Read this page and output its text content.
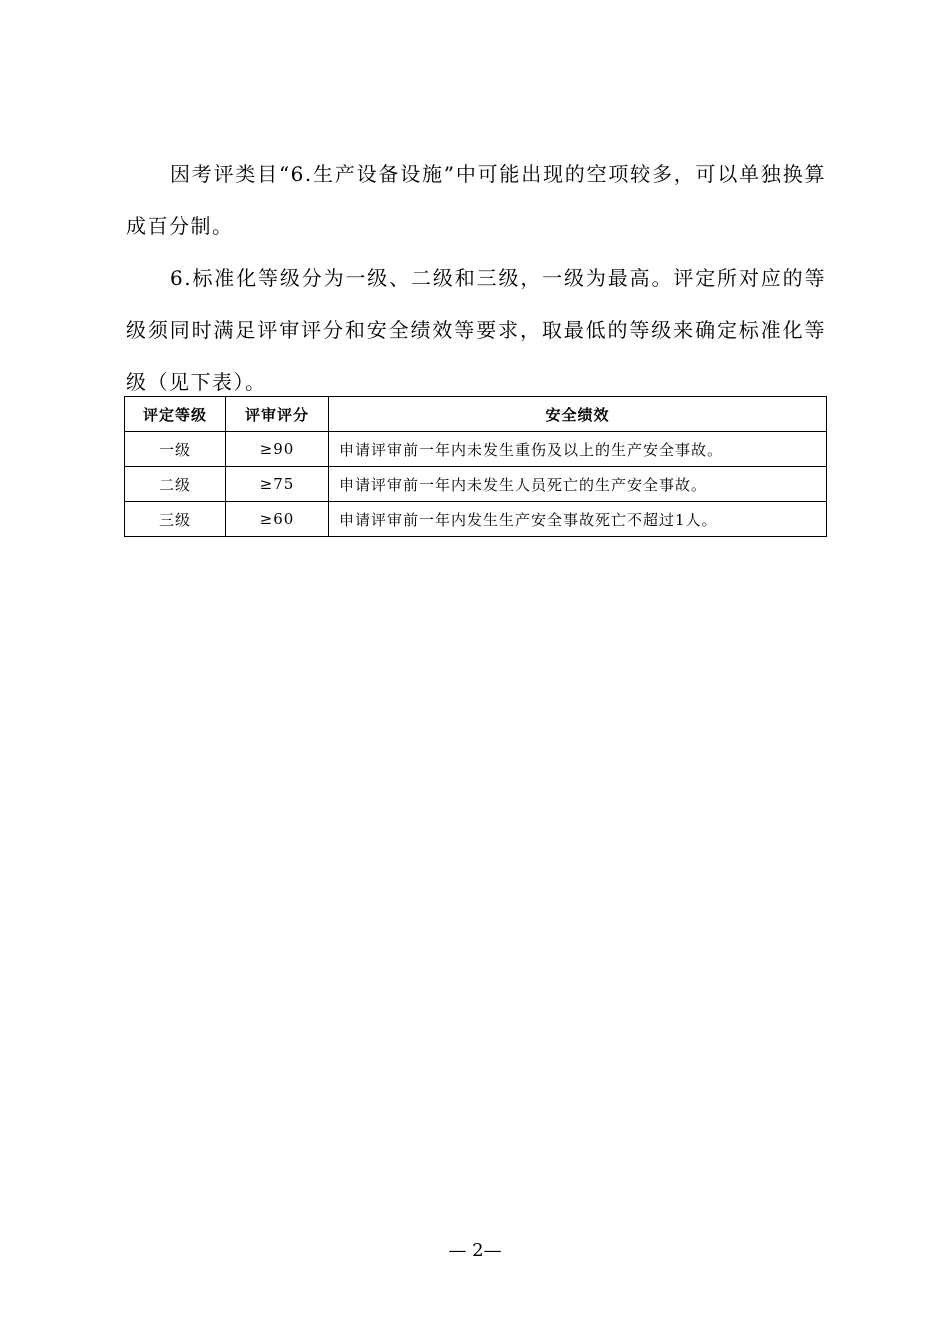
因考评类目“6.生产设备设施”中可能出现的空项较多，可以单独换算成百分制。

6.标准化等级分为一级、二级和三级，一级为最高。评定所对应的等级须同时满足评审评分和安全绩效等要求，取最低的等级来确定标准化等级（见下表）。

评定等级	评审评分	安全绩效
一级	≥90	申请评审前一年内未发生重伤及以上的生产安全事故。
二级	≥75	申请评审前一年内未发生人员死亡的生产安全事故。
三级	≥60	申请评审前一年内发生生产安全事故死亡不超过1人。
— 2—
